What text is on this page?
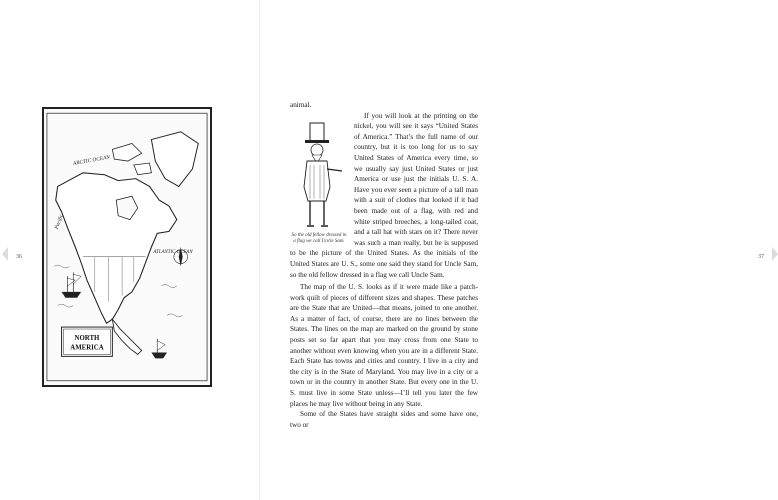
36
NORTH
AMERICA
ARCTIC OCEAN
Pacific
ATLANTIC OCEAN
37

animal.

So the old fellow dressed in a flag we call Uncle Sam.

If you will look at the printing on the nickel, you will see it says “United States of America.” That’s the full name of our country, but it is too long for us to say United States of America every time, so we usually say just United States or just America or use just the initials U. S. A. Have you ever seen a picture of a tall man with a suit of clothes that looked if it had been made out of a flag, with red and white striped breeches, a long-tailed coat, and a tall hat with stars on it? There never was such a man really, but he is supposed to be the picture of the United States. As the initials of the United States are U. S., some one said they stand for Uncle Sam, so the old fellow dressed in a flag we call Uncle Sam.

The map of the U. S. looks as if it were made like a patch-work quilt of pieces of different sizes and shapes. These patches are the State that are United—that means, joined to one another. As a matter of fact, of course, there are no lines between the States. The lines on the map are marked on the ground by stone posts set so far apart that you may cross from one State to another without even knowing when you are in a different State. Each State has towns and cities and country. I live in a city and the city is in the State of Maryland. You may live in a city or a town or in the country in another State. But every one in the U. S. must live in some State unless—I’ll tell you later the few places he may live without being in any State.

Some of the States have straight sides and some have one, two or
